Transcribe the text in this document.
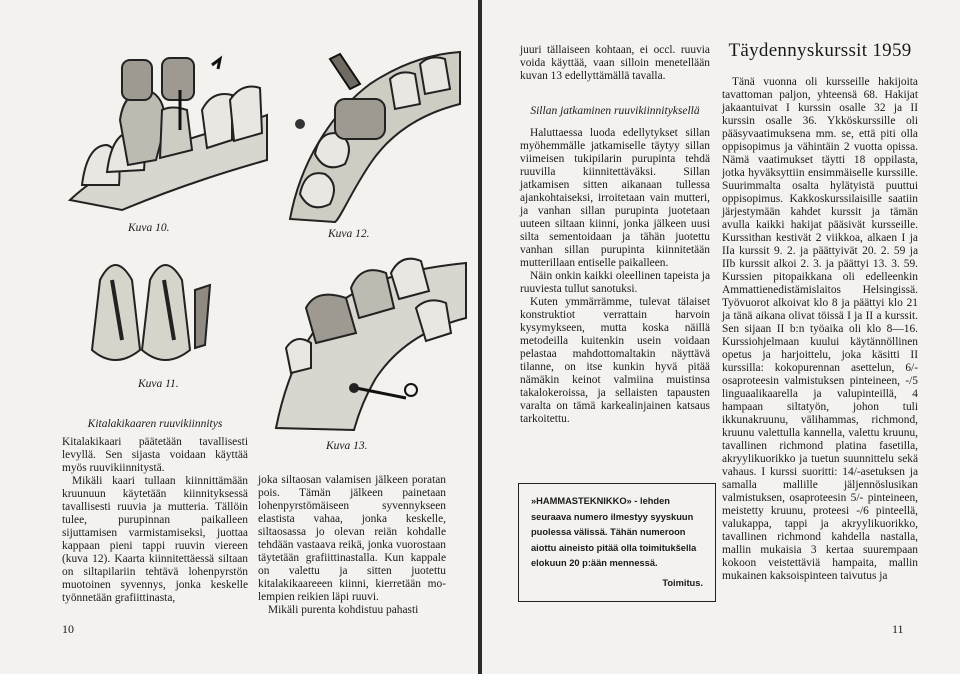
Kuva 10.
Kuva 11.
Kuva 12.
Kuva 13.
Kitalakikaaren ruuvikiinnitys

Kitalakikaari päätetään tavallisesti levyllä. Sen sijasta voidaan käyttää myös ruuvikiinnitystä.

Mikäli kaari tullaan kiinnittämään kruunuun käytetään kiinnityksessä tavallisesti ruuvia ja mutteria. Tällöin tulee, purupinnan paikalleen sijuttamisen varmistamiseksi, juottaa kappaan pieni tappi ruuvin viereen (kuva 12). Kaarta kiinnitettäessä siltaan on siltapilariin tehtävä lohenpyrstön muotoinen syvennys, jonka keskelle työnnetään grafiittinasta,

joka siltaosan valamisen jälkeen poratan pois. Tämän jälkeen painetaan lohenpyrstömäiseen syvennykseen elastista vahaa, jonka keskelle, siltaosassa jo olevan reiän kohdalle tehdään vastaava reikä, jonka vuorostaan täytetään grafiittinastalla. Kun kappale on valettu ja sitten juotettu kitalakikaareeen kiinni, kierretään molempien reikien läpi ruuvi.

Mikäli purenta kohdistuu pahasti

10

juuri tällaiseen kohtaan, ei occl. ruuvia voida käyttää, vaan silloin menetellään kuvan 13 edellyttämällä tavalla.

Sillan jatkaminen ruuvikiinnityksellä

Haluttaessa luoda edellytykset sillan myöhemmälle jatkamiselle täytyy sillan viimeisen tukipilarin purupinta tehdä ruuvilla kiinnitettäväksi. Sillan jatkamisen sitten aikanaan tullessa ajankohtaiseksi, irroitetaan vain mutteri, ja vanhan sillan purupinta juotetaan uuteen siltaan kiinni, jonka jälkeen uusi silta sementoidaan ja tähän juotettu vanhan sillan purupinta kiinnitetään mutterillaan entiselle paikalleen.

Näin onkin kaikki oleellinen tapeista ja ruuviesta tullut sanotuksi.

Kuten ymmärrämme, tulevat tälaiset konstruktiot verrattain harvoin kysymykseen, mutta koska näillä metodeilla kuitenkin usein voidaan pelastaa mahdottomaltakin näyttävä tilanne, on itse kunkin hyvä pitää nämäkin keinot valmiina muistinsa takalokeroissa, ja sellaisten tapausten varalta on tämä karkealinjainen katsaus tarkoitettu.

»HAMMASTEKNIKKO» - lehden
seuraava numero ilmestyy syyskuun
puolessa välissä. Tähän numeroon
aiottu aineisto pitää olla toimitukšella elokuun 20 p:ään mennessä.
Toimitus.
Täydennyskurssit 1959

Tänä vuonna oli kursseille hakijoita tavattoman paljon, yhteensä 68. Hakijat jakaantuivat I kurssin osalle 32 ja II kurssin osalle 36. Ykköskurssille oli pääsyvaatimuksena mm. se, että piti olla oppisopimus ja vähintäin 2 vuotta opissa. Nämä vaatimukset täytti 18 oppilasta, jotka hyväksyttiin ensimmäiselle kurssille. Suurimmalta osalta hylätyistä puuttui oppisopimus. Kakkoskurssilaisille saatiin järjestymään kahdet kurssit ja tämän avulla kaikki hakijat pääsivät kursseille. Kurssithan kestivät 2 viikkoa, alkaen I ja IIa kurssit 9. 2. ja päättyivät 20. 2. 59 ja IIb kurssit alkoi 2. 3. ja päättyi 13. 3. 59. Kurssien pitopaikkana oli edelleenkin Ammattienedistämislaitos Helsingissä. Työvuorot alkoivat klo 8 ja päättyi klo 21 ja tänä aikana olivat töissä I ja II a kurssit. Sen sijaan II b:n työaika oli klo 8—16. Kurssiohjelmaan kuului käytännöllinen opetus ja harjoittelu, joka käsitti II kurssilla: kokopurennan asettelun, 6/-osaproteesin valmistuksen pinteineen, -/5 linguaalikaarella ja valupinteillä, 4 hampaan siltatyön, johon tuli ikkunakruunu, välihammas, richmond, kruunu valettulla kannella, valettu kruunu, tavallinen richmond platina fasetilla, akryylikuorikko ja tuetun suunnittelu sekä vahaus. I kurssi suoritti: 14/-asetuksen ja samalla mallille jäljennöslusikan valmistuksen, osaproteesin 5/- pinteineen, meistetty kruunu, proteesi -/6 pinteellä, valukappa, tappi ja akryylikuorikko, tavallinen richmond kahdella nastalla, mallin mukaisia 3 kertaa suurempaan kokoon veistettäviä hampaita, mallin mukainen kaksoispinteen taivutus ja

11
